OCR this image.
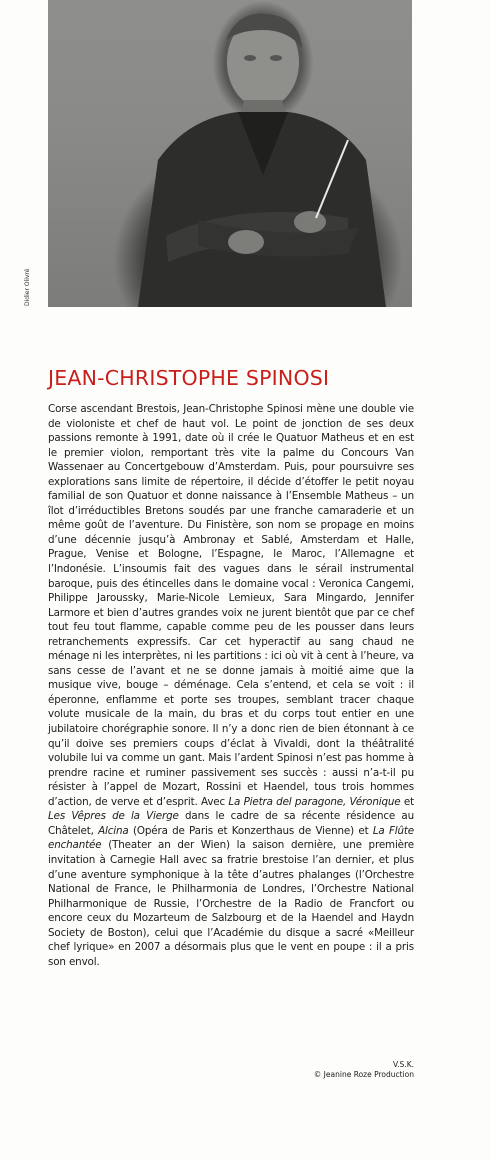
Didier Olivré
JEAN-CHRISTOPHE SPINOSI
Corse ascendant Brestois, Jean-Christophe Spinosi mène une double vie de violoniste et chef de haut vol. Le point de jonction de ses deux passions remonte à 1991, date où il crée le Quatuor Matheus et en est le premier violon, remportant très vite la palme du Concours Van Wassenaer au Concertgebouw d’Amsterdam. Puis, pour poursuivre ses explorations sans limite de répertoire, il décide d’étoffer le petit noyau familial de son Quatuor et donne naissance à l’Ensemble Matheus – un îlot d’irréductibles Bretons soudés par une franche camaraderie et un même goût de l’aventure. Du Finistère, son nom se propage en moins d’une décennie jusqu’à Ambronay et Sablé, Amsterdam et Halle, Prague, Venise et Bologne, l’Espagne, le Maroc, l’Allemagne et l’Indonésie. L’insoumis fait des vagues dans le sérail instrumental baroque, puis des étincelles dans le domaine vocal : Veronica Cangemi, Philippe Jaroussky, Marie-Nicole Lemieux, Sara Mingardo, Jennifer Larmore et bien d’autres grandes voix ne jurent bientôt que par ce chef tout feu tout flamme, capable comme peu de les pousser dans leurs retranchements expressifs. Car cet hyperactif au sang chaud ne ménage ni les interprètes, ni les partitions : ici où vit à cent à l’heure, va sans cesse de l’avant et ne se donne jamais à moitié aime que la musique vive, bouge – déménage. Cela s’entend, et cela se voit : il éperonne, enflamme et porte ses troupes, semblant tracer chaque volute musicale de la main, du bras et du corps tout entier en une jubilatoire chorégraphie sonore. Il n’y a donc rien de bien étonnant à ce qu’il doive ses premiers coups d’éclat à Vivaldi, dont la théâtralité volubile lui va comme un gant. Mais l’ardent Spinosi n’est pas homme à prendre racine et ruminer passivement ses succès : aussi n’a-t-il pu résister à l’appel de Mozart, Rossini et Haendel, tous trois hommes d’action, de verve et d’esprit. Avec La Pietra del paragone, Véronique et Les Vêpres de la Vierge dans le cadre de sa récente résidence au Châtelet, Alcina (Opéra de Paris et Konzerthaus de Vienne) et La Flûte enchantée (Theater an der Wien) la saison dernière, une première invitation à Carnegie Hall avec sa fratrie brestoise l’an dernier, et plus d’une aventure symphonique à la tête d’autres phalanges (l’Orchestre National de France, le Philharmonia de Londres, l’Orchestre National Philharmonique de Russie, l’Orchestre de la Radio de Francfort ou encore ceux du Mozarteum de Salzbourg et de la Haendel and Haydn Society de Boston), celui que l’Académie du disque a sacré «Meilleur chef lyrique» en 2007 a désormais plus que le vent en poupe : il a pris son envol.
V.S.K.
© Jeanine Roze Production
